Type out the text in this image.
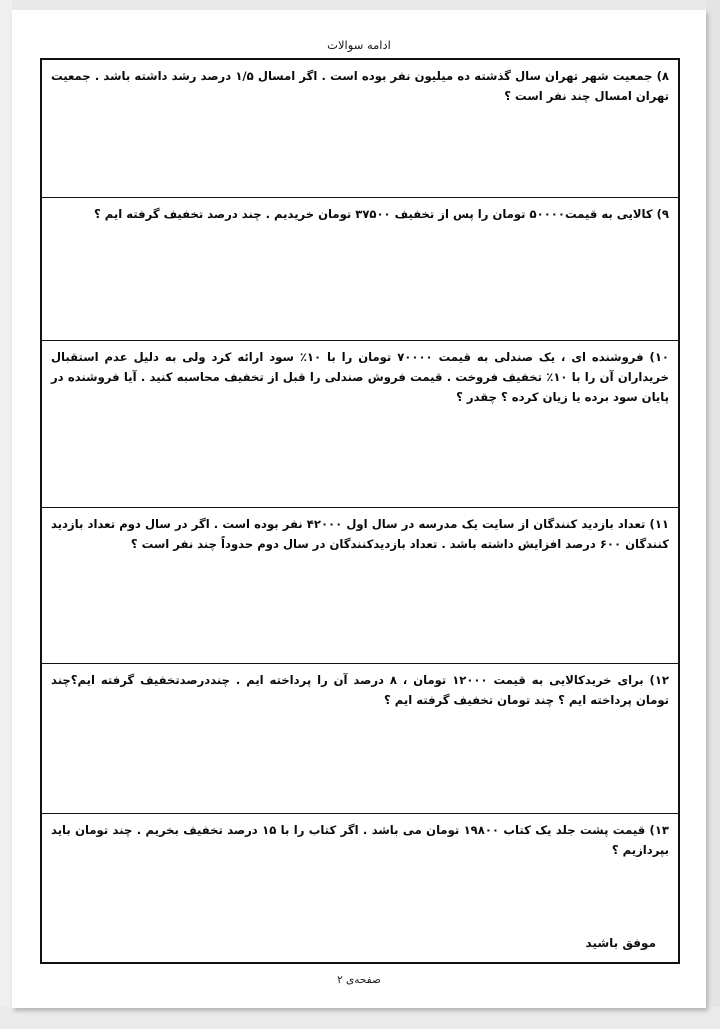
ادامه سوالات
۸) جمعیت شهر تهران سال گذشته ده میلیون نفر بوده است . اگر امسال ۱/۵ درصد رشد داشته باشد . جمعیت تهران امسال چند نفر است ؟
۹) کالایی به قیمت۵۰۰۰۰ تومان را پس از تخفیف ۳۷۵۰۰ تومان خریدیم . چند درصد تخفیف گرفته ایم ؟
۱۰) فروشنده ای ، یک صندلی به قیمت ۷۰۰۰۰ تومان را با ۱۰٪ سود ارائه کرد ولی به دلیل عدم استقبال خریداران آن را با ۱۰٪ تخفیف فروخت . قیمت فروش صندلی را قبل از تخفیف محاسبه کنید . آیا فروشنده در پایان سود برده یا زیان کرده ؟ چقدر ؟
۱۱) تعداد بازدید کنندگان از سایت یک مدرسه در سال اول ۴۲۰۰۰ نفر بوده است . اگر در سال دوم تعداد بازدید کنندگان ۶۰۰ درصد افزایش داشته باشد . تعداد بازدیدکنندگان در سال دوم حدوداً چند نفر است ؟
۱۲) برای خریدکالایی به قیمت ۱۲۰۰۰ تومان ، ۸ درصد آن را پرداخته ایم . چنددرصدتخفیف گرفته ایم؟چند تومان پرداخته ایم ؟ چند تومان تخفیف گرفته ایم ؟
۱۳) قیمت پشت جلد یک کتاب ۱۹۸۰۰ تومان می باشد . اگر کتاب را با ۱۵ درصد تخفیف بخریم . چند تومان باید بپردازیم ؟
موفق باشید
صفحه‌ی ۲
